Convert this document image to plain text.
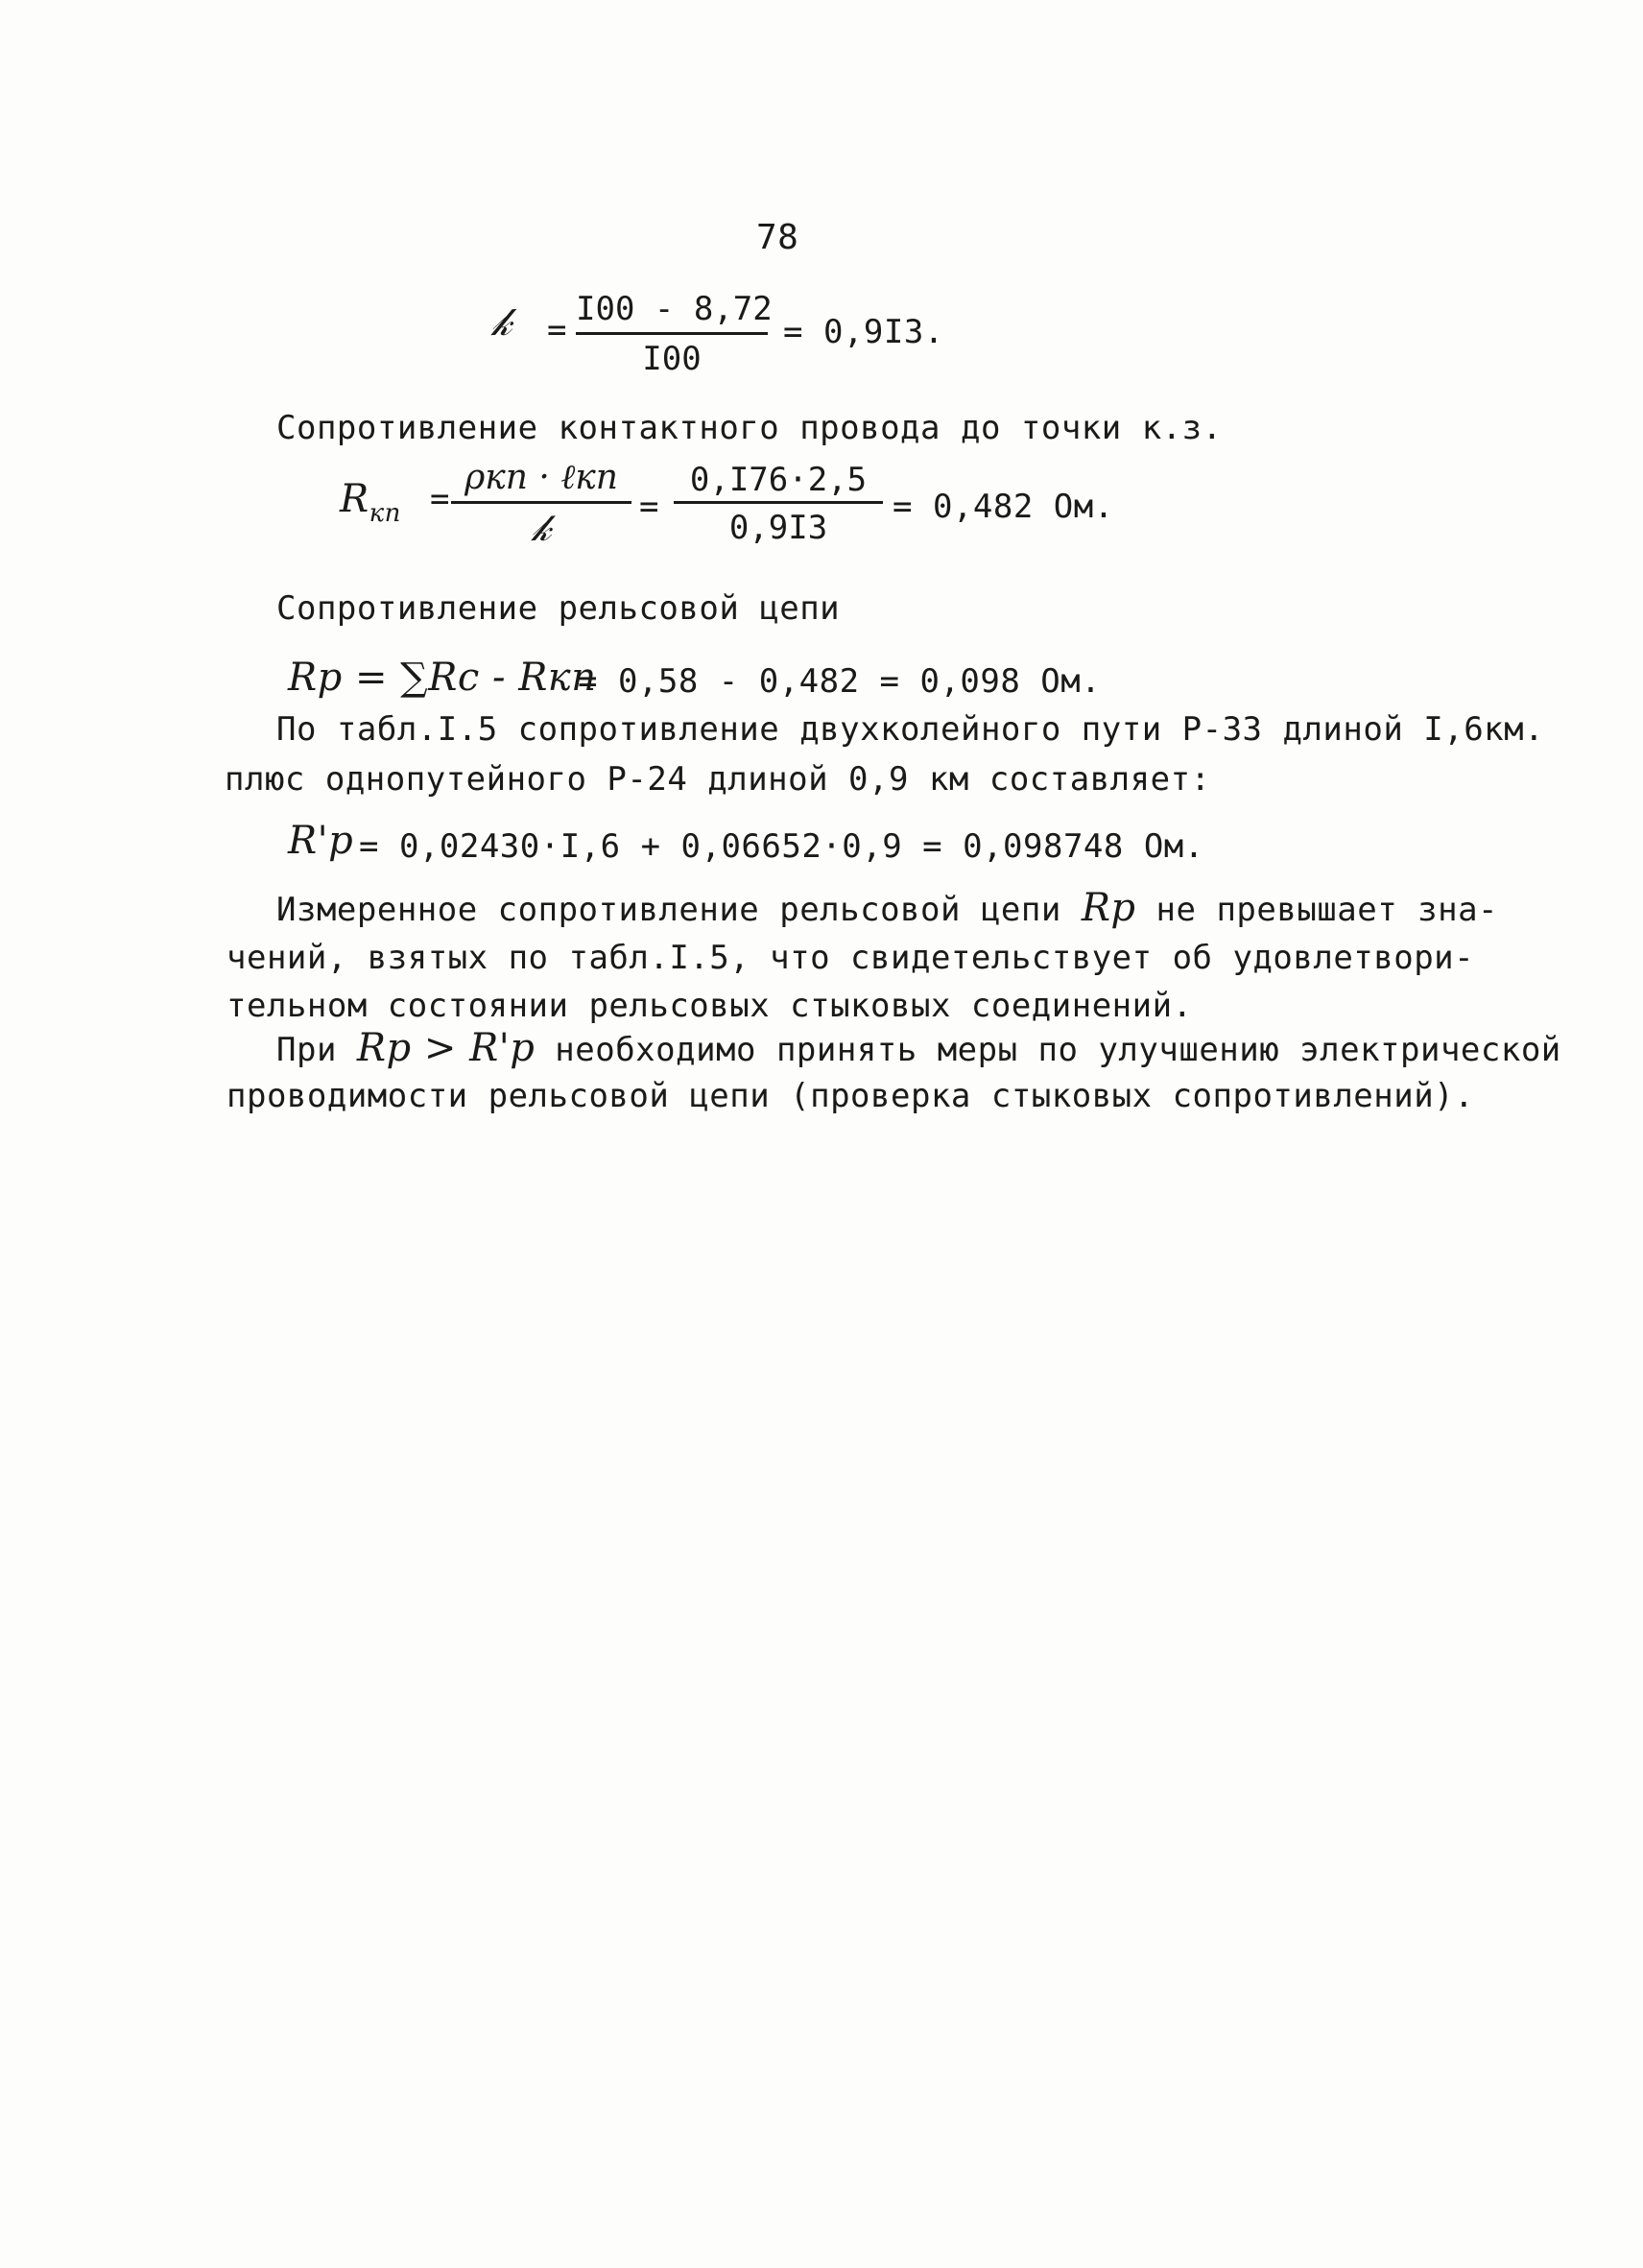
78
𝓀 =
I00 - 8,72
I00
= 0,9I3.
Сопротивление контактного провода до точки к.з.
$R_{кп}$ =
ρкп · ℓкп
𝓀	=
0,I76·2,5
0,9I3
= 0,482 Ом.
Сопротивление рельсовой цепи
Rр = ∑Rс - Rкп
= 0,58 - 0,482 = 0,098 Ом.
По табл.I.5 сопротивление двухколейного пути Р-33 длиной I,6км.
плюс однопутейного Р-24 длиной 0,9 км составляет:
R'р = 0,02430·I,6 + 0,06652·0,9 = 0,098748 Ом.
Измеренное сопротивление рельсовой цепи Rр не превышает зна-
чений, взятых по табл.I.5, что свидетельствует об удовлетвори-
тельном состоянии рельсовых стыковых соединений.
При Rр > R'р необходимо принять меры по улучшению электрической
проводимости рельсовой цепи (проверка стыковых сопротивлений).
